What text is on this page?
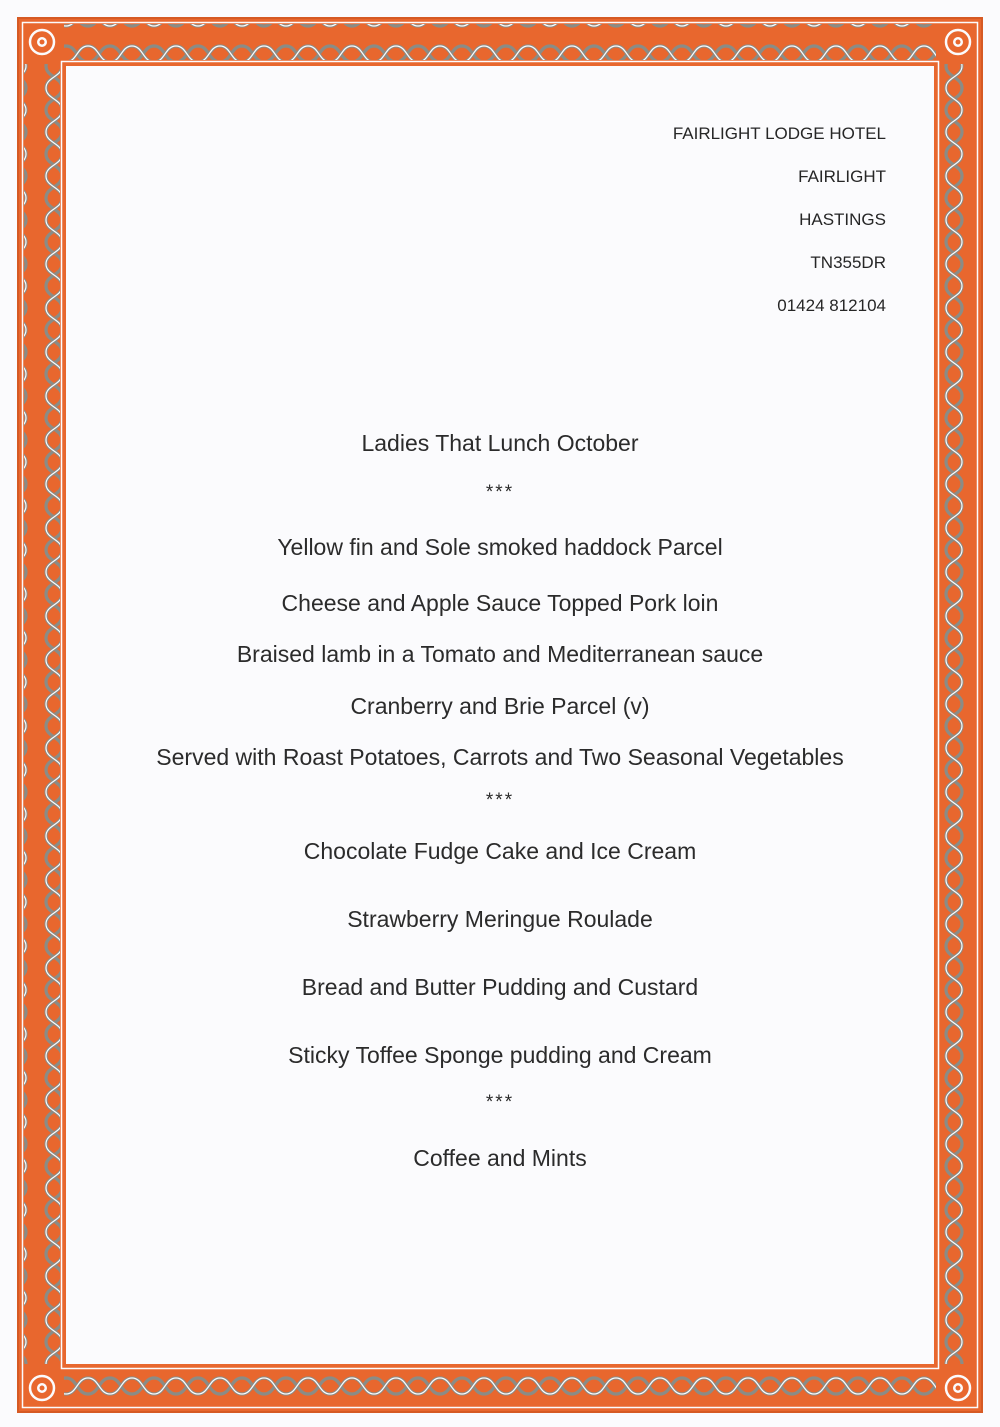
FAIRLIGHT LODGE HOTEL
FAIRLIGHT
HASTINGS
TN355DR
01424 812104
Ladies That Lunch October
***
Yellow fin and Sole smoked haddock Parcel
Cheese and Apple Sauce Topped Pork loin
Braised lamb in a Tomato and Mediterranean sauce
Cranberry and Brie Parcel (v)
Served with Roast Potatoes, Carrots and Two Seasonal Vegetables
***
Chocolate Fudge Cake and Ice Cream
Strawberry Meringue Roulade
Bread and Butter Pudding and Custard
Sticky Toffee Sponge pudding and Cream
***
Coffee and Mints
